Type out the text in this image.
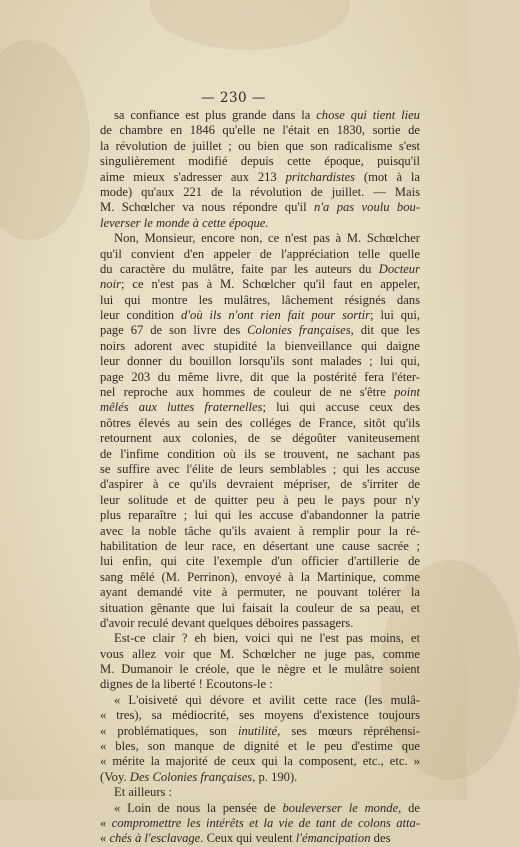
— 230 —
sa confiance est plus grande dans la chose qui tient lieu
de chambre en 1846 qu'elle ne l'était en 1830, sortie de
la révolution de juillet ; ou bien que son radicalisme s'est
singulièrement modifié depuis cette époque, puisqu'il
aime mieux s'adresser aux 213 pritchardistes (mot à la
mode) qu'aux 221 de la révolution de juillet. — Mais
M. Schœlcher va nous répondre qu'il n'a pas voulu bou-
leverser le monde à cette époque.
Non, Monsieur, encore non, ce n'est pas à M. Schœlcher
qu'il convient d'en appeler de l'appréciation telle quelle
du caractère du mulâtre, faite par les auteurs du Docteur
noir; ce n'est pas à M. Schœlcher qu'il faut en appeler,
lui qui montre les mulâtres, lâchement résignés dans
leur condition d'où ils n'ont rien fait pour sortir; lui qui,
page 67 de son livre des Colonies françaises, dit que les
noirs adorent avec stupidité la bienveillance qui daigne
leur donner du bouillon lorsqu'ils sont malades ; lui qui,
page 203 du même livre, dit que la postérité fera l'éter-
nel reproche aux hommes de couleur de ne s'être point
mêlés aux luttes fraternelles; lui qui accuse ceux des
nôtres élevés au sein des colléges de France, sitôt qu'ils
retournent aux colonies, de se dégoûter vaniteusement
de l'infime condition où ils se trouvent, ne sachant pas
se suffire avec l'élite de leurs semblables ; qui les accuse
d'aspirer à ce qu'ils devraient mépriser, de s'irriter de
leur solitude et de quitter peu à peu le pays pour n'y
plus reparaître ; lui qui les accuse d'abandonner la patrie
avec la noble tâche qu'ils avaient à remplir pour la ré-
habilitation de leur race, en désertant une cause sacrée ;
lui enfin, qui cite l'exemple d'un officier d'artillerie de
sang mêlé (M. Perrinon), envoyé à la Martinique, comme
ayant demandé vite à permuter, ne pouvant tolérer la
situation gênante que lui faisait la couleur de sa peau, et
d'avoir reculé devant quelques déboires passagers.
Est-ce clair ? eh bien, voici qui ne l'est pas moins, et
vous allez voir que M. Schœlcher ne juge pas, comme
M. Dumanoir le créole, que le nègre et le mulâtre soient
dignes de la liberté ! Ecoutons-le :
« L'oisiveté qui dévore et avilit cette race (les mulâ-
« tres), sa médiocrité, ses moyens d'existence toujours
« problématiques, son inutilité, ses mœurs répréhensi-
« bles, son manque de dignité et le peu d'estime que
« mérite la majorité de ceux qui la composent, etc., etc. »
(Voy. Des Colonies françaises, p. 190).
Et ailleurs :
« Loin de nous la pensée de bouleverser le monde, de
« compromettre les intérêts et la vie de tant de colons atta-
« chés à l'esclavage. Ceux qui veulent l'émancipation des
